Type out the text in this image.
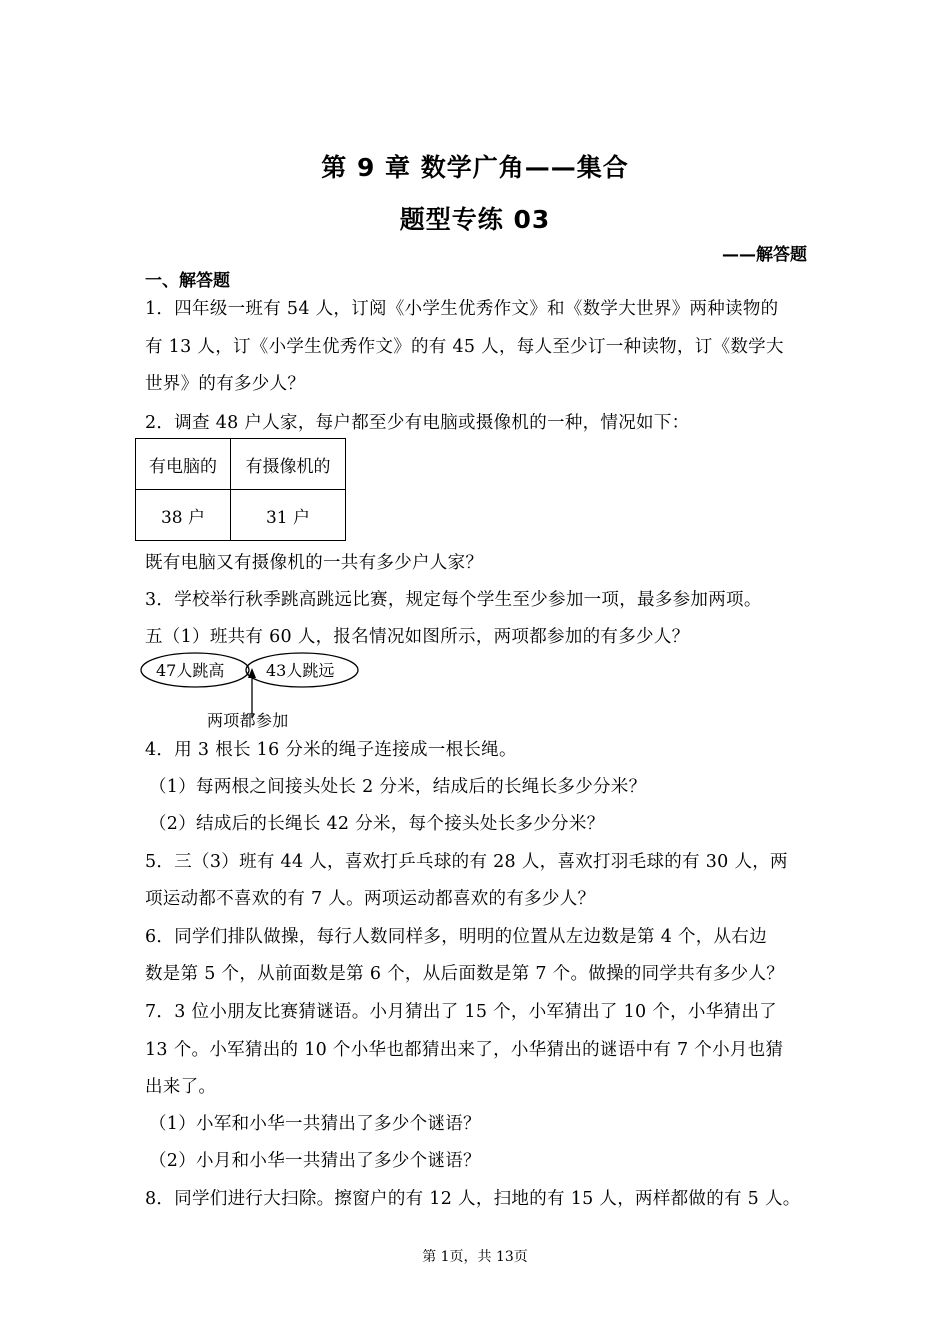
第 9 章 数学广角——集合
题型专练 03
——解答题
一、解答题
1．四年级一班有 54 人，订阅《小学生优秀作文》和《数学大世界》两种读物的
有 13 人，订《小学生优秀作文》的有 45 人，每人至少订一种读物，订《数学大
世界》的有多少人？
2．调查 48 户人家，每户都至少有电脑或摄像机的一种，情况如下：
有电脑的	有摄像机的
38 户	31 户
既有电脑又有摄像机的一共有多少户人家？
3．学校举行秋季跳高跳远比赛，规定每个学生至少参加一项，最多参加两项。
五（1）班共有 60 人，报名情况如图所示，两项都参加的有多少人？
47人跳高	43人跳远
两项都参加
4．用 3 根长 16 分米的绳子连接成一根长绳。
（1）每两根之间接头处长 2 分米，结成后的长绳长多少分米？
（2）结成后的长绳长 42 分米，每个接头处长多少分米？
5．三（3）班有 44 人，喜欢打乒乓球的有 28 人，喜欢打羽毛球的有 30 人，两
项运动都不喜欢的有 7 人。两项运动都喜欢的有多少人？
6．同学们排队做操，每行人数同样多，明明的位置从左边数是第 4 个，从右边
数是第 5 个，从前面数是第 6 个，从后面数是第 7 个。做操的同学共有多少人？
7．3 位小朋友比赛猜谜语。小月猜出了 15 个，小军猜出了 10 个，小华猜出了
13 个。小军猜出的 10 个小华也都猜出来了，小华猜出的谜语中有 7 个小月也猜
出来了。
（1）小军和小华一共猜出了多少个谜语？
（2）小月和小华一共猜出了多少个谜语？
8．同学们进行大扫除。擦窗户的有 12 人，扫地的有 15 人，两样都做的有 5 人。
第 1页，共 13页
